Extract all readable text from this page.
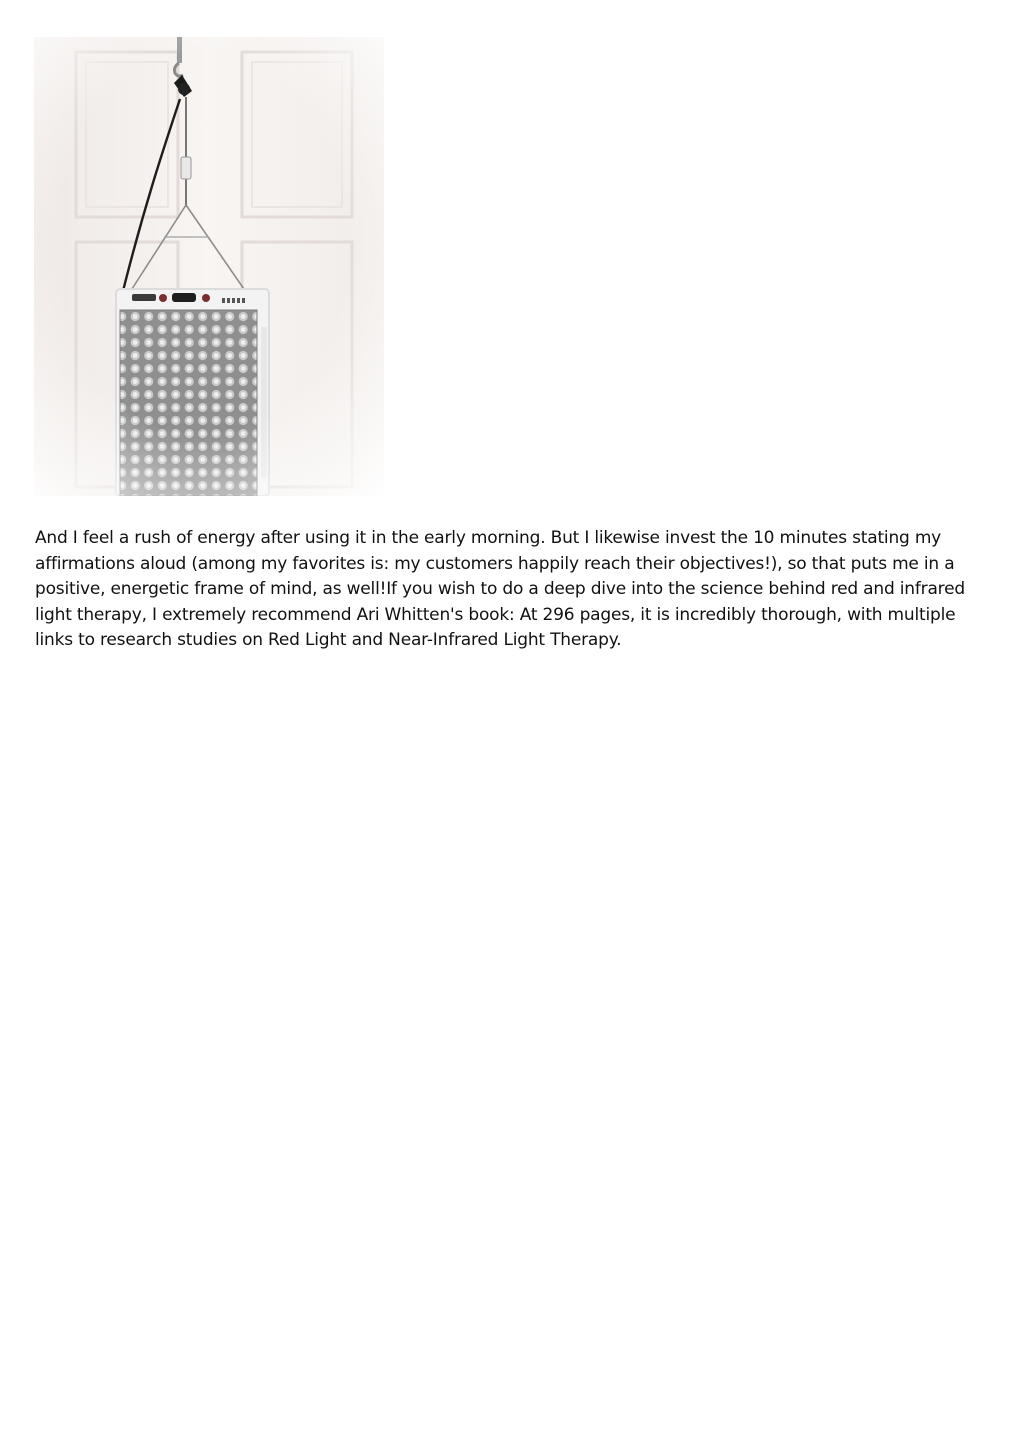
And I feel a rush of energy after using it in the early morning. But I likewise invest the 10 minutes stating my affirmations aloud (among my favorites is: my customers happily reach their objectives!), so that puts me in a positive, energetic frame of mind, as well!If you wish to do a deep dive into the science behind red and infrared light therapy, I extremely recommend Ari Whitten's book: At 296 pages, it is incredibly thorough, with multiple links to research studies on Red Light and Near-Infrared Light Therapy.
